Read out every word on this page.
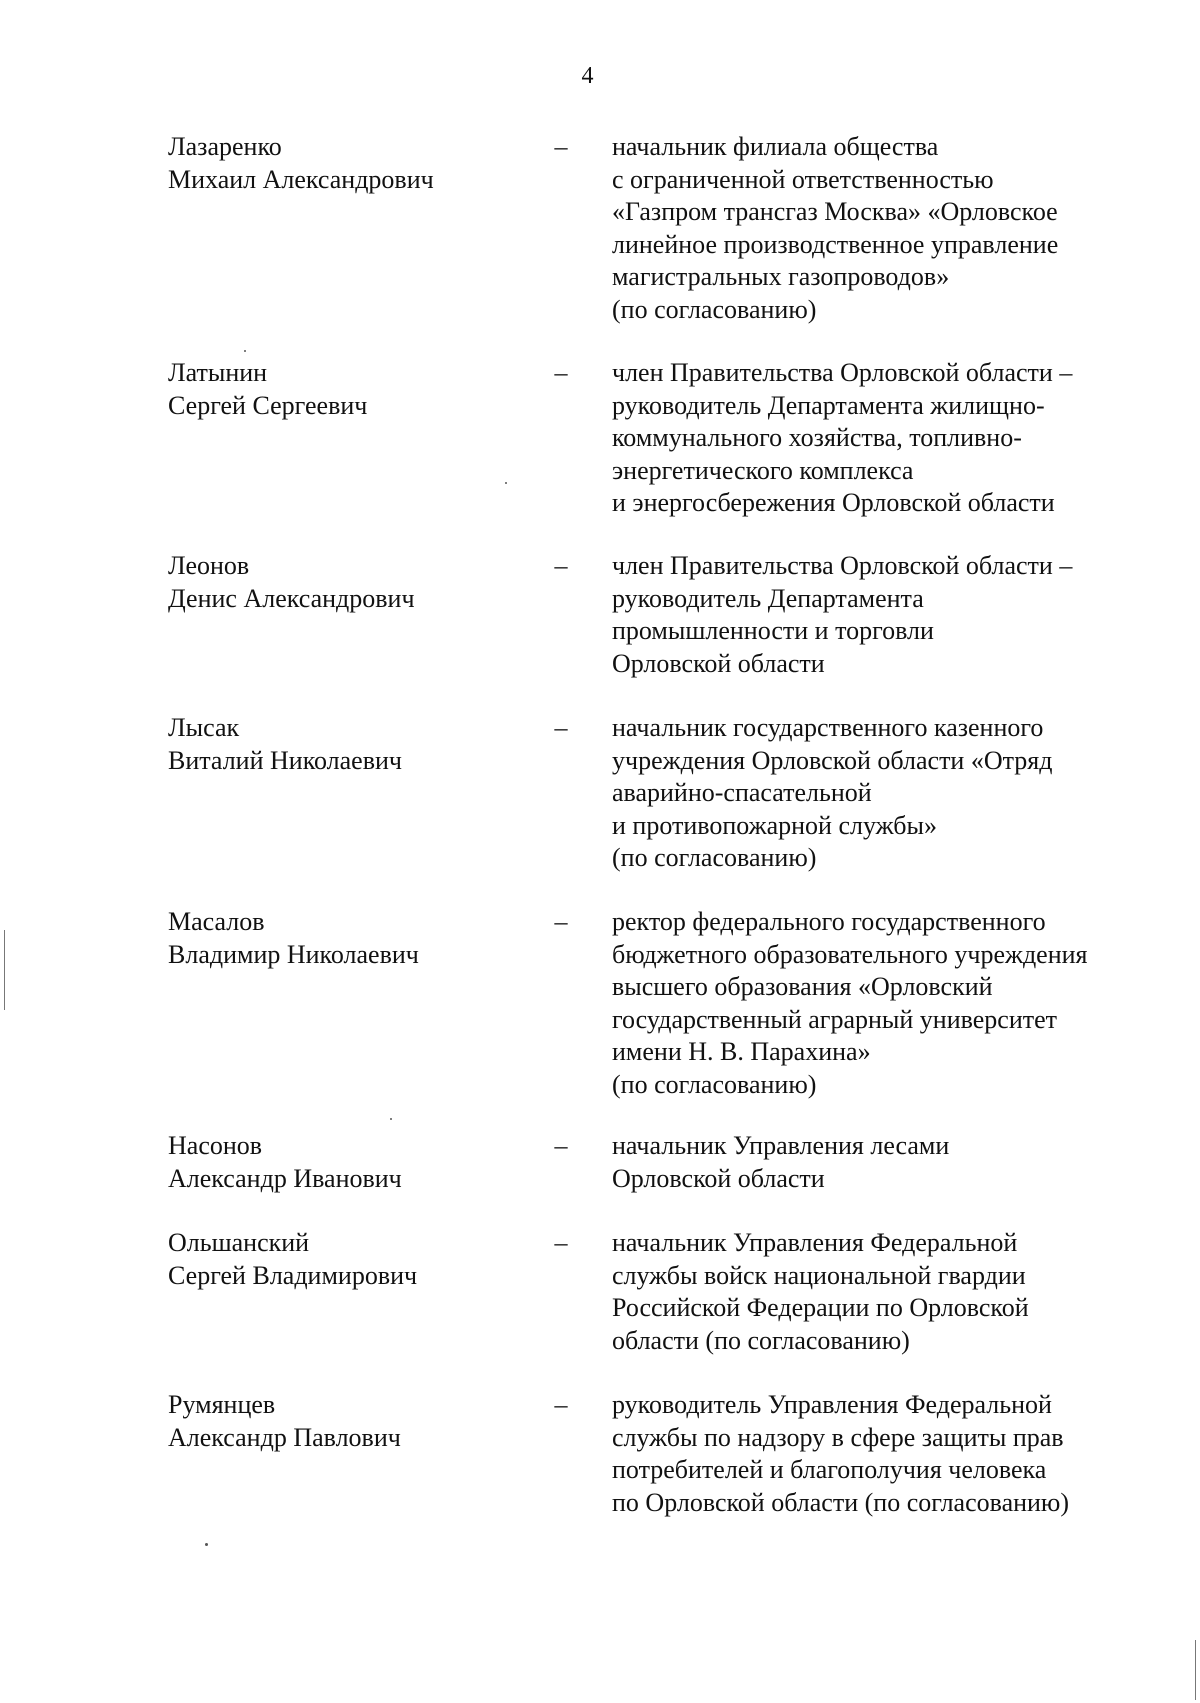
4
Лазаренко
Михаил Александрович
– начальник филиала общества
с ограниченной ответственностью
«Газпром трансгаз Москва» «Орловское
линейное производственное управление
магистральных газопроводов»
(по согласованию)
Латынин
Сергей Сергеевич
– член Правительства Орловской области –
руководитель Департамента жилищно-
коммунального хозяйства, топливно-
энергетического комплекса
и энергосбережения Орловской области
Леонов
Денис Александрович
– член Правительства Орловской области –
руководитель Департамента
промышленности и торговли
Орловской области
Лысак
Виталий Николаевич
– начальник государственного казенного
учреждения Орловской области «Отряд
аварийно-спасательной
и противопожарной службы»
(по согласованию)
Масалов
Владимир Николаевич
– ректор федерального государственного
бюджетного образовательного учреждения
высшего образования «Орловский
государственный аграрный университет
имени Н. В. Парахина»
(по согласованию)
Насонов
Александр Иванович
– начальник Управления лесами
Орловской области
Ольшанский
Сергей Владимирович
– начальник Управления Федеральной
службы войск национальной гвардии
Российской Федерации по Орловской
области (по согласованию)
Румянцев
Александр Павлович
– руководитель Управления Федеральной
службы по надзору в сфере защиты прав
потребителей и благополучия человека
по Орловской области (по согласованию)
